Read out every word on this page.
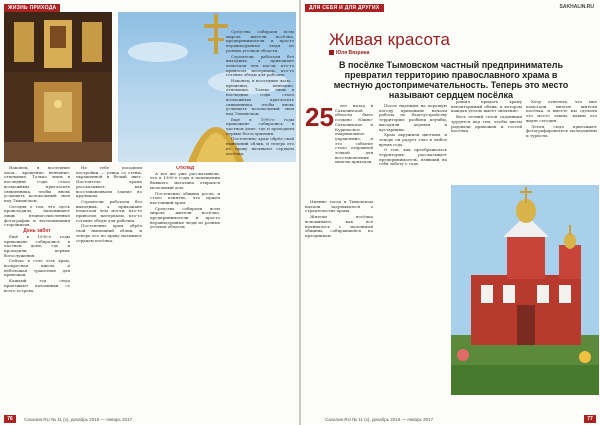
ЖИЗНЬ ПРИХОДА

Наконец, в последние часы… крещение, венчание, отпевание. Только лишь в последние годы стало возможным пригласить священника, чтобы вновь услышать колокольный звон над Тымовском.

Сегодня о том, что здесь происходило, напоминают лишь немногочисленные фотографии и воспоминания старожилов.

День забот

Ещё в 1990-е годы прихожане собирались в частном доме, где и проходили первые богослужения.

Сейчас в селе есть храм, воскресная школа и небольшая трапезная для прихожан.

Каждый год сюда приезжают паломники со всего острова.

Не тебе посадили постройки — улица со стены, окрашенной в белый цвет. Настоятель храма рассказывает, как восстанавливали здание по крупицам.

Строители работали без выходных, а прихожане помогали чем могли: кто-то приносил материалы, кто-то готовил обеды для рабочих.

Постепенно храм обрёл свой нынешний облик, и теперь его по праву называют сердцем посёлка.

Отклад

А все же уже рассказывали, что в 1990-е годы в помещении бывшего магазина открылся молельный дом.

Постепенно община росла, и стало понятно, что нужен настоящий храм.

Средства собирали всем миром: жители посёлка, предприниматели и просто неравнодушные люди из разных уголков области.

Средства собирали всем миром: жители посёлка, предприниматели и просто неравнодушные люди из разных уголков области.

Строители работали без выходных, а прихожане помогали чем могли: кто-то приносил материалы, кто-то готовил обеды для рабочих.

Наконец, в последние часы… крещение, венчание, отпевание. Только лишь в последние годы стало возможным пригласить священника, чтобы вновь услышать колокольный звон над Тымовском.

Ещё в 1990-е годы прихожане собирались в частном доме, где и проходили первые богослужения.

Постепенно храм обрёл свой нынешний облик, и теперь его по праву называют сердцем посёлка.

76	Сахалин.RU № 11 (x), декабрь 2016 — январь 2017
ДЛЯ СЕБЯ И ДЛЯ ДРУГИХ	SAKHALIN.RU
Живая красота
Юля Вязрина
В посёлке Тымовском частный предприниматель превратил территорию православного храма в местную достопримечательность. Теперь это место называют сердцем посёлка
25	лет назад в Сахалинской области было создано Южно-Сахалинское и Курильское епархиальное управление, и это событие стало отправной точкой для восстановления многих приходов.

Именно тогда в Тымовском начали задумываться о строительстве храма.

Жители посёлка вспоминают, как всё начиналось с маленькой общины, собиравшейся по праздникам.

После надежды на хорошую погоду прихожане начали работы по благоустройству территории: разбили клумбы, высадили деревья и кустарники.

Храм окружили цветами, и теперь он радует глаз в любое время года.

О том, как преображалась территория, рассказывает предприниматель, взявший на себя заботу о саде.

решил придать храму неповторимый облик, в котором каждая деталь имеет значение.

Весь летний сезон садовники трудятся над тем, чтобы цветы радовали прихожан и гостей посёлка.

Хочу отметить, что мне помогали многие жители посёлка, и вместе мы сделали это место таким, каким его видят сегодня.

Летом сюда приезжают фотографироваться молодожёны и туристы.

Сахалин.RU № 11 (x), декабрь 2016 — январь 2017	77
